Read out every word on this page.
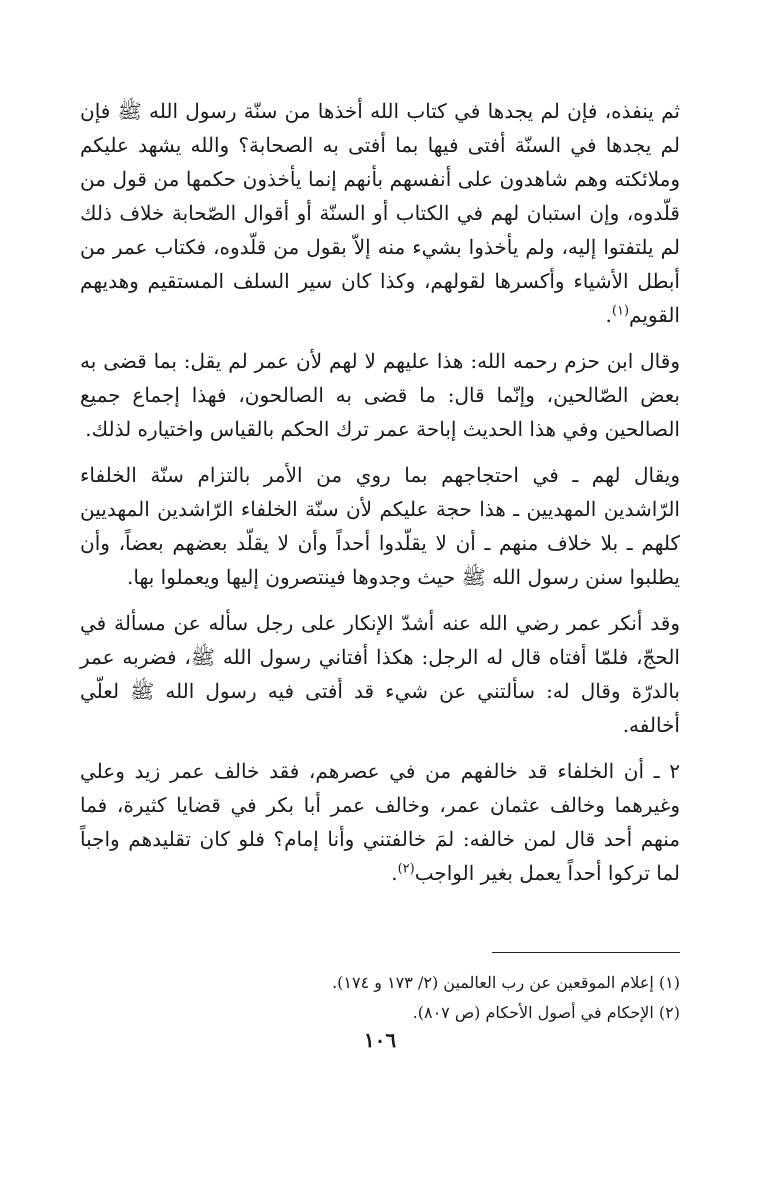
ثم ينفذه، فإن لم يجدها في كتاب الله أخذها من سنّة رسول الله ﷺ فإن لم يجدها في السنّة أفتى فيها بما أفتى به الصحابة؟ والله يشهد عليكم وملائكته وهم شاهدون على أنفسهم بأنهم إنما يأخذون حكمها من قول من قلّدوه، وإن استبان لهم في الكتاب أو السنّة أو أقوال الصّحابة خلاف ذلك لم يلتفتوا إليه، ولم يأخذوا بشيء منه إلاّ بقول من قلّدوه، فكتاب عمر من أبطل الأشياء وأكسرها لقولهم، وكذا كان سير السلف المستقيم وهديهم القويم$^{(١)}$.

وقال ابن حزم رحمه الله: هذا عليهم لا لهم لأن عمر لم يقل: بما قضى به بعض الصّالحين، وإنّما قال: ما قضى به الصالحون، فهذا إجماع جميع الصالحين وفي هذا الحديث إباحة عمر ترك الحكم بالقياس واختياره لذلك.

ويقال لهم ـ في احتجاجهم بما روي من الأمر بالتزام سنّة الخلفاء الرّاشدين المهديين ـ هذا حجة عليكم لأن سنّة الخلفاء الرّاشدين المهديين كلهم ـ بلا خلاف منهم ـ أن لا يقلّدوا أحداً وأن لا يقلّد بعضهم بعضاً، وأن يطلبوا سنن رسول الله ﷺ حيث وجدوها فينتصرون إليها ويعملوا بها.

وقد أنكر عمر رضي الله عنه أشدّ الإنكار على رجل سأله عن مسألة في الحجّ، فلمّا أفتاه قال له الرجل: هكذا أفتاني رسول الله ﷺ، فضربه عمر بالدرّة وقال له: سألتني عن شيء قد أفتى فيه رسول الله ﷺ لعلّي أخالفه.

٢ ـ أن الخلفاء قد خالفهم من في عصرهم، فقد خالف عمر زيد وعلي وغيرهما وخالف عثمان عمر، وخالف عمر أبا بكر في قضايا كثيرة، فما منهم أحد قال لمن خالفه: لمَ خالفتني وأنا إمام؟ فلو كان تقليدهم واجباً لما تركوا أحداً يعمل بغير الواجب$^{(٢)}$.

(١) إعلام الموقعين عن رب العالمين (٢/ ١٧٣ و ١٧٤).

(٢) الإحكام في أصول الأحكام (ص ٨٠٧).

١٠٦
